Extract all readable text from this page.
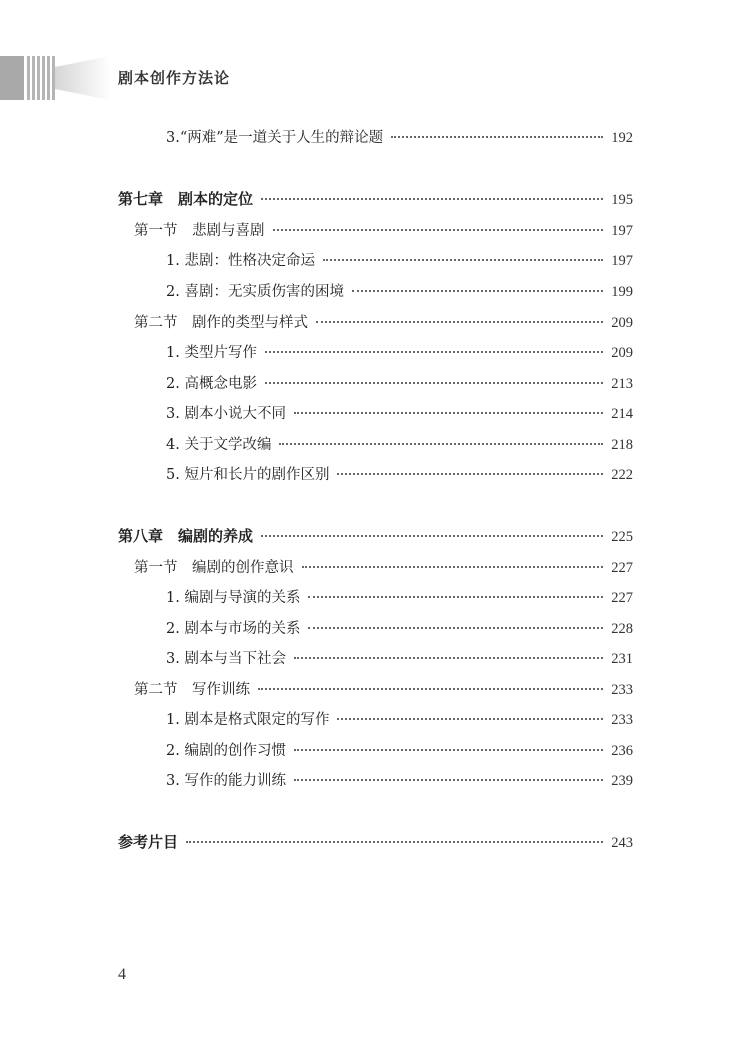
剧本创作方法论
3.“两难”是一道关于人生的辩论题	192
第七章　剧本的定位	195
第一节　悲剧与喜剧	197
1. 悲剧：性格决定命运	197
2. 喜剧：无实质伤害的困境	199
第二节　剧作的类型与样式	209
1. 类型片写作	209
2. 高概念电影	213
3. 剧本小说大不同	214
4. 关于文学改编	218
5. 短片和长片的剧作区别	222
第八章　编剧的养成	225
第一节　编剧的创作意识	227
1. 编剧与导演的关系	227
2. 剧本与市场的关系	228
3. 剧本与当下社会	231
第二节　写作训练	233
1. 剧本是格式限定的写作	233
2. 编剧的创作习惯	236
3. 写作的能力训练	239
参考片目	243
4
